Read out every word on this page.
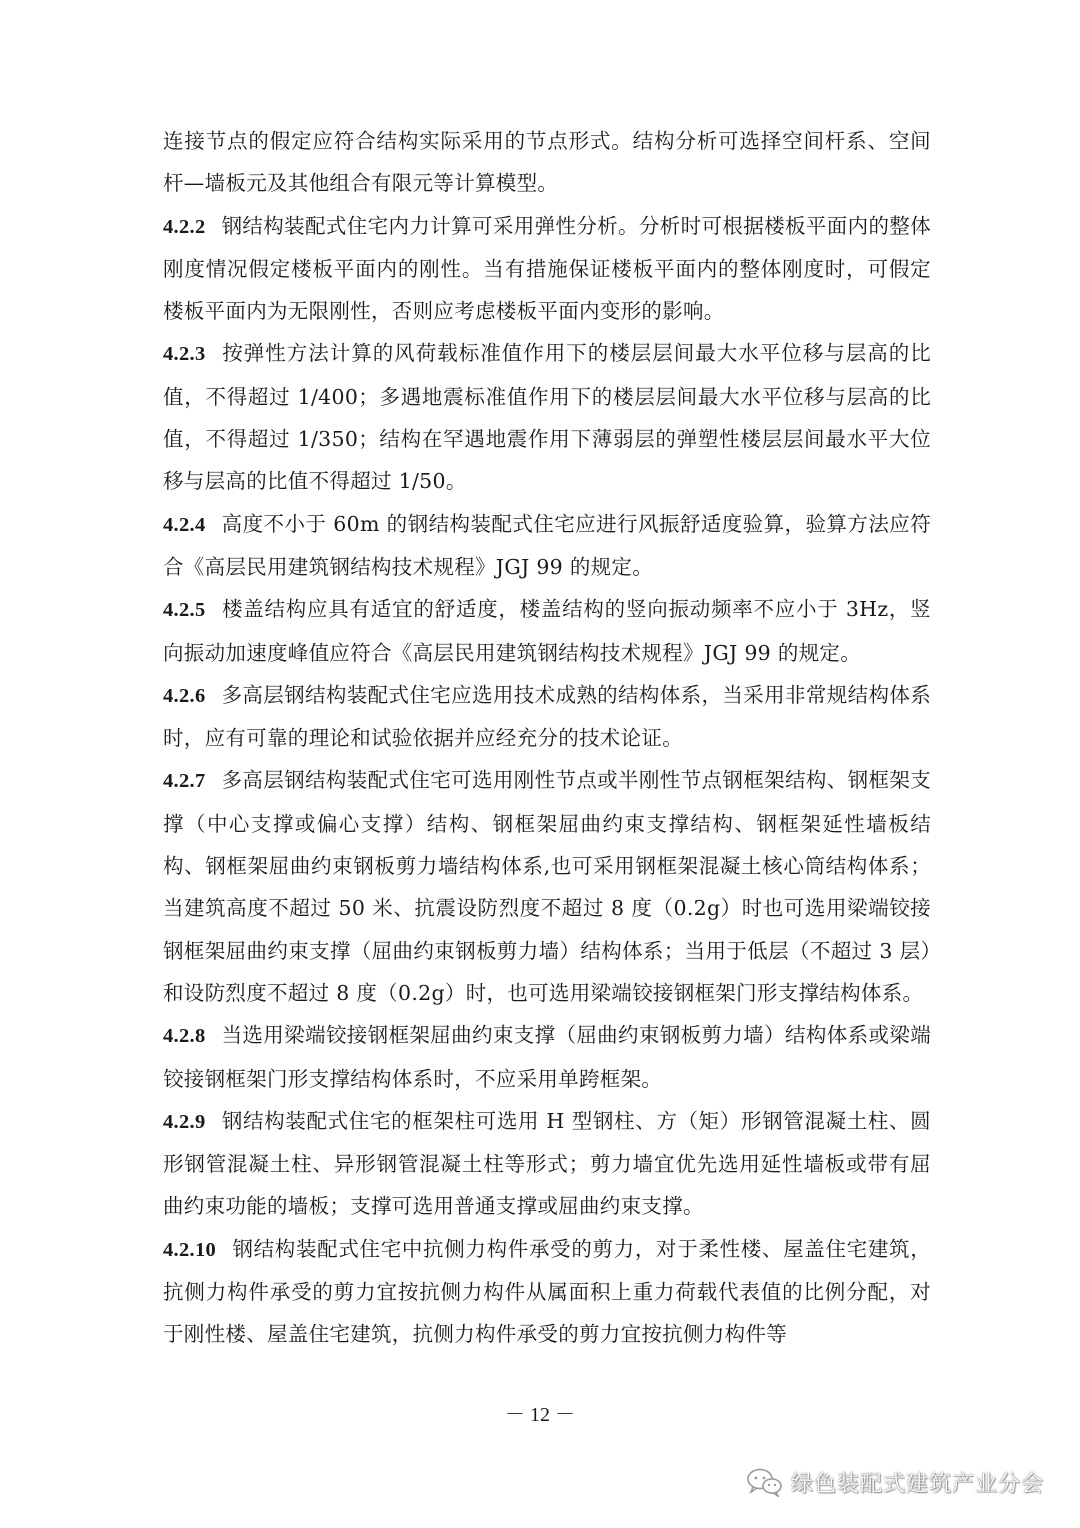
连接节点的假定应符合结构实际采用的节点形式。结构分析可选择空间杆系、空间杆—墙板元及其他组合有限元等计算模型。

4.2.2 钢结构装配式住宅内力计算可采用弹性分析。分析时可根据楼板平面内的整体刚度情况假定楼板平面内的刚性。当有措施保证楼板平面内的整体刚度时，可假定楼板平面内为无限刚性，否则应考虑楼板平面内变形的影响。

4.2.3 按弹性方法计算的风荷载标准值作用下的楼层层间最大水平位移与层高的比值，不得超过 1/400；多遇地震标准值作用下的楼层层间最大水平位移与层高的比值，不得超过 1/350；结构在罕遇地震作用下薄弱层的弹塑性楼层层间最水平大位移与层高的比值不得超过 1/50。

4.2.4 高度不小于 60m 的钢结构装配式住宅应进行风振舒适度验算，验算方法应符合《高层民用建筑钢结构技术规程》JGJ 99 的规定。

4.2.5 楼盖结构应具有适宜的舒适度，楼盖结构的竖向振动频率不应小于 3Hz，竖向振动加速度峰值应符合《高层民用建筑钢结构技术规程》JGJ 99 的规定。

4.2.6 多高层钢结构装配式住宅应选用技术成熟的结构体系，当采用非常规结构体系时，应有可靠的理论和试验依据并应经充分的技术论证。

4.2.7 多高层钢结构装配式住宅可选用刚性节点或半刚性节点钢框架结构、钢框架支撑（中心支撑或偏心支撑）结构、钢框架屈曲约束支撑结构、钢框架延性墙板结构、钢框架屈曲约束钢板剪力墙结构体系,也可采用钢框架混凝土核心筒结构体系；当建筑高度不超过 50 米、抗震设防烈度不超过 8 度（0.2g）时也可选用梁端铰接钢框架屈曲约束支撑（屈曲约束钢板剪力墙）结构体系；当用于低层（不超过 3 层）和设防烈度不超过 8 度（0.2g）时，也可选用梁端铰接钢框架门形支撑结构体系。

4.2.8 当选用梁端铰接钢框架屈曲约束支撑（屈曲约束钢板剪力墙）结构体系或梁端铰接钢框架门形支撑结构体系时，不应采用单跨框架。

4.2.9 钢结构装配式住宅的框架柱可选用 H 型钢柱、方（矩）形钢管混凝土柱、圆形钢管混凝土柱、异形钢管混凝土柱等形式；剪力墙宜优先选用延性墙板或带有屈曲约束功能的墙板；支撑可选用普通支撑或屈曲约束支撑。

4.2.10 钢结构装配式住宅中抗侧力构件承受的剪力，对于柔性楼、屋盖住宅建筑，抗侧力构件承受的剪力宜按抗侧力构件从属面积上重力荷载代表值的比例分配，对于刚性楼、屋盖住宅建筑，抗侧力构件承受的剪力宜按抗侧力构件等

－ 12 －
绿色装配式建筑产业分会
